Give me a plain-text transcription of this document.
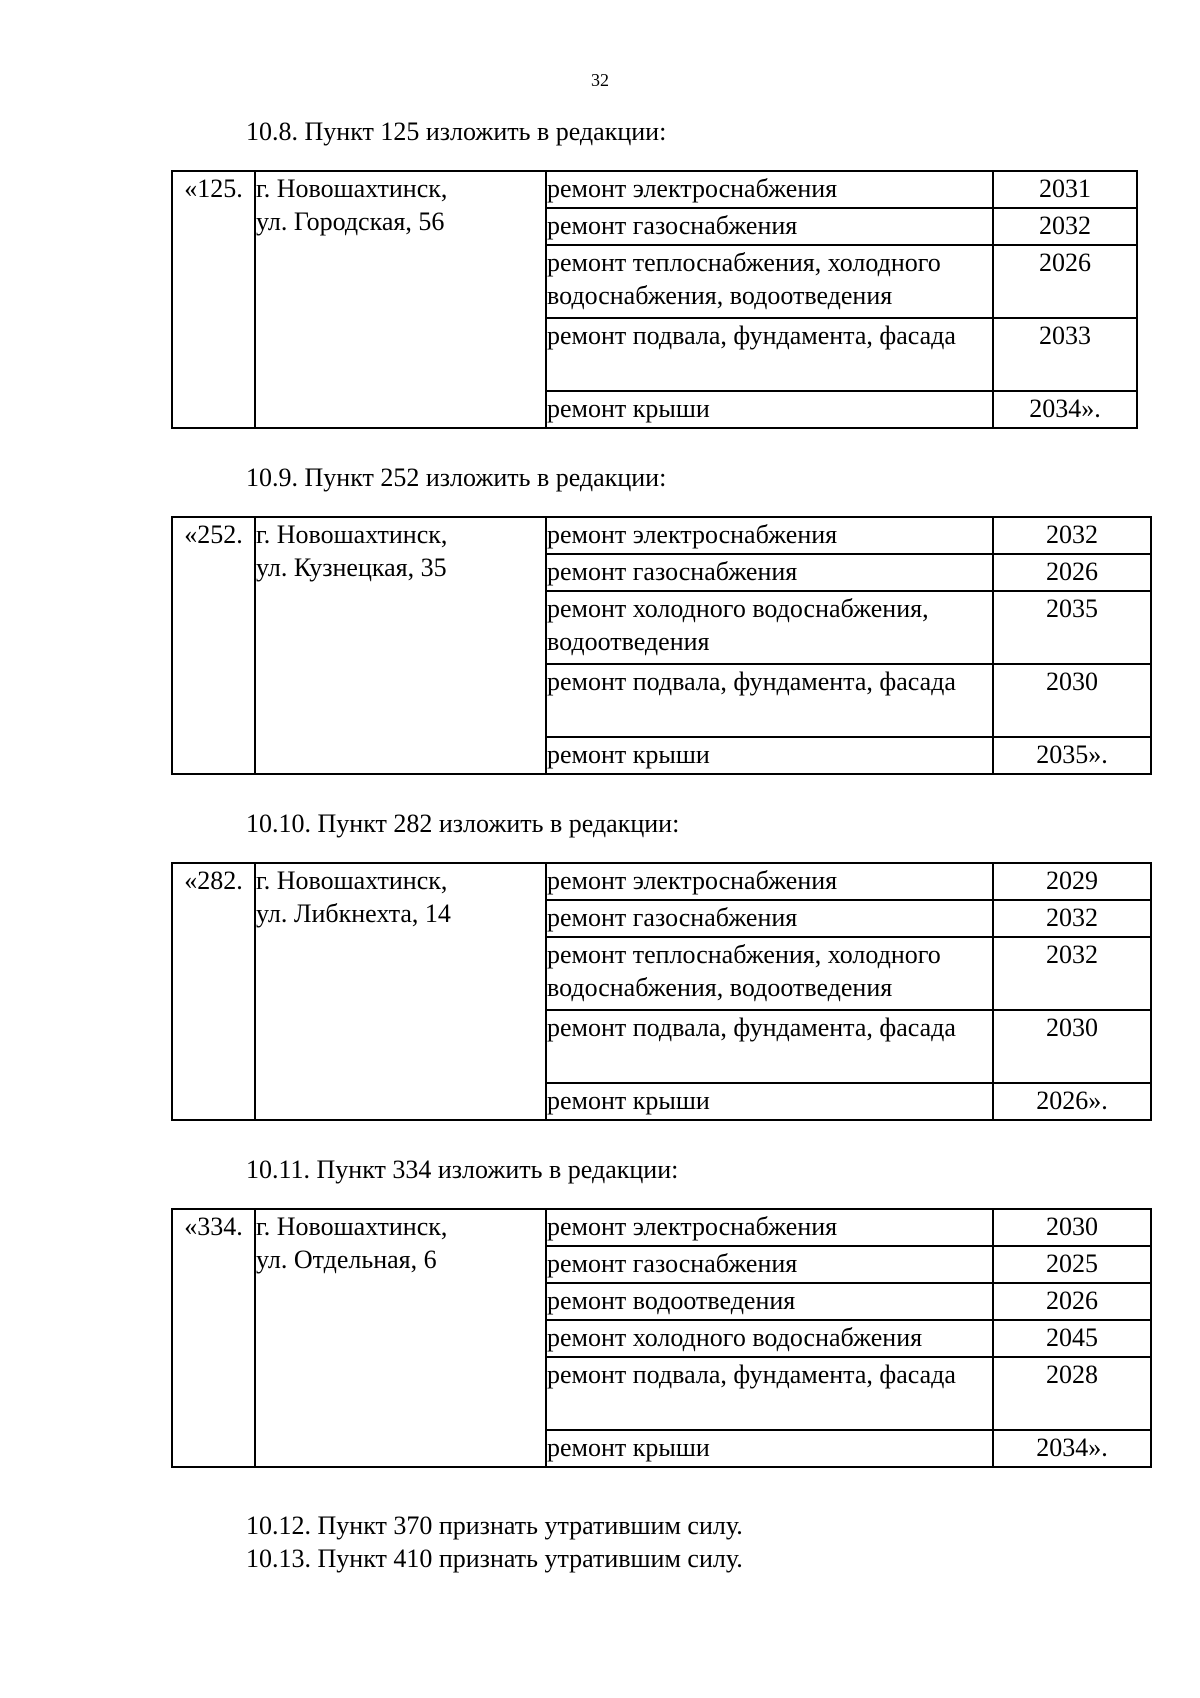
32
10.8. Пункт 125 изложить в редакции:
«125.	г. Новошахтинск,
ул. Городская, 56	ремонт электроснабжения	2031
		ремонт газоснабжения	2032
		ремонт теплоснабжения, холодного водоснабжения, водоотведения	2026
		ремонт подвала, фундамента, фасада	2033
		ремонт крыши	2034».
10.9. Пункт 252 изложить в редакции:
«252.	г. Новошахтинск,
ул. Кузнецкая, 35	ремонт электроснабжения	2032
		ремонт газоснабжения	2026
		ремонт холодного водоснабжения, водоотведения	2035
		ремонт подвала, фундамента, фасада	2030
		ремонт крыши	2035».
10.10. Пункт 282 изложить в редакции:
«282.	г. Новошахтинск,
ул. Либкнехта, 14	ремонт электроснабжения	2029
		ремонт газоснабжения	2032
		ремонт теплоснабжения, холодного водоснабжения, водоотведения	2032
		ремонт подвала, фундамента, фасада	2030
		ремонт крыши	2026».
10.11. Пункт 334 изложить в редакции:
«334.	г. Новошахтинск,
ул. Отдельная, 6	ремонт электроснабжения	2030
		ремонт газоснабжения	2025
		ремонт водоотведения	2026
		ремонт холодного водоснабжения	2045
		ремонт подвала, фундамента, фасада	2028
		ремонт крыши	2034».
10.12. Пункт 370 признать утратившим силу.
10.13. Пункт 410 признать утратившим силу.
